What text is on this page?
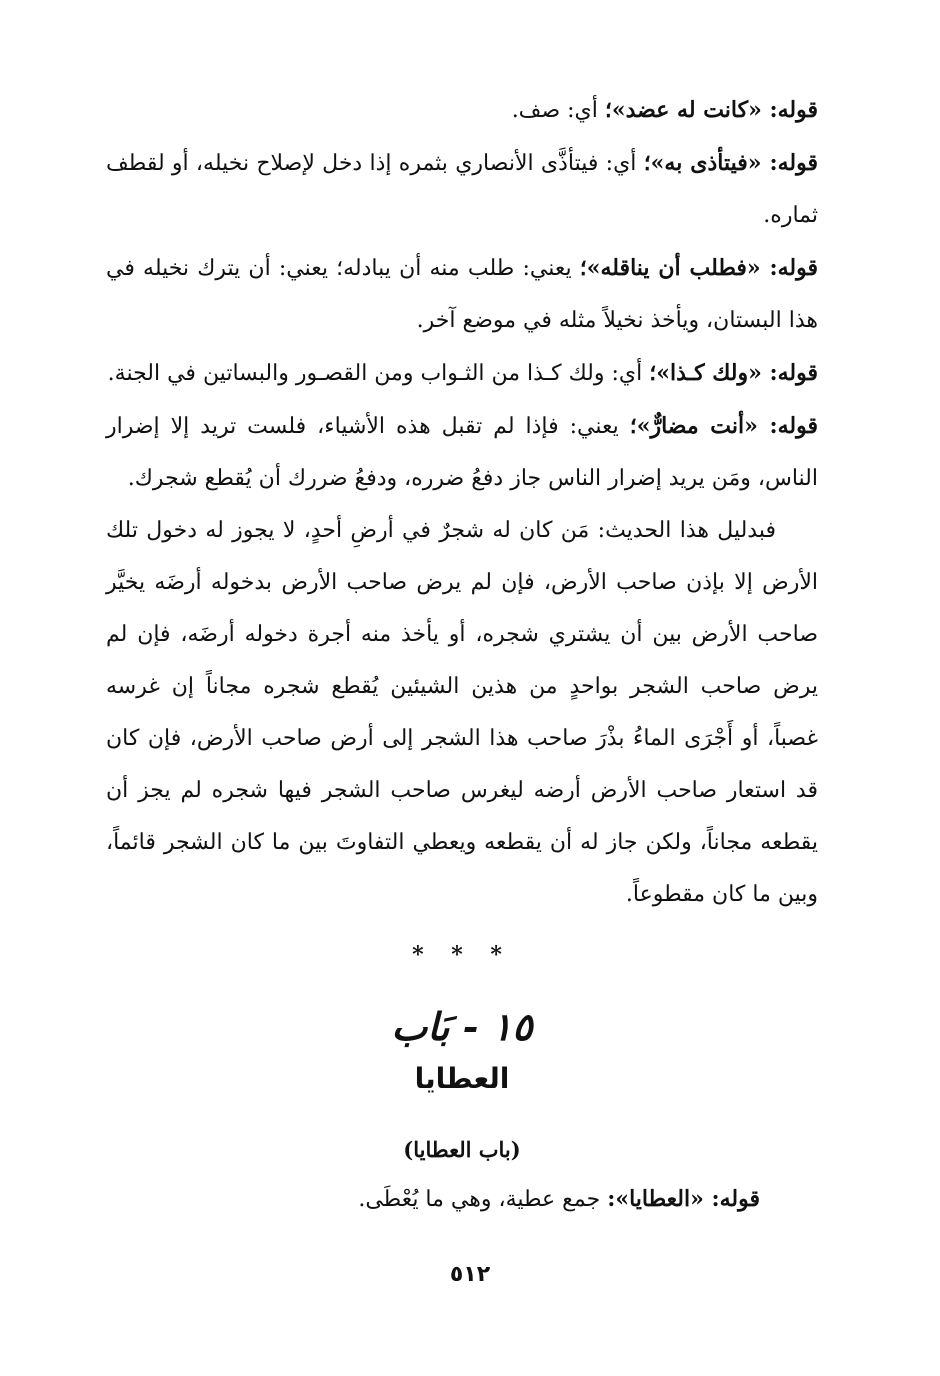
قوله: «كانت له عضد»؛ أي: صف.

قوله: «فيتأذى به»؛ أي: فيتأذَّى الأنصاري بثمره إذا دخل لإصلاح نخيله، أو لقطف ثماره.

قوله: «فطلب أن يناقله»؛ يعني: طلب منه أن يبادله؛ يعني: أن يترك نخيله في هذا البستان، ويأخذ نخيلاً مثله في موضع آخر.

قوله: «ولك كـذا»؛ أي: ولك كـذا من الثـواب ومن القصـور والبساتين في الجنة.

قوله: «أنت مضارٌّ»؛ يعني: فإذا لم تقبل هذه الأشياء، فلست تريد إلا إضرار الناس، ومَن يريد إضرار الناس جاز دفعُ ضرره، ودفعُ ضررك أن يُقطع شجرك.

فبدليل هذا الحديث: مَن كان له شجرٌ في أرضِ أحدٍ، لا يجوز له دخول تلك الأرض إلا بإذن صاحب الأرض، فإن لم يرض صاحب الأرض بدخوله أرضَه يخيَّر صاحب الأرض بين أن يشتري شجره، أو يأخذ منه أجرة دخوله أرضَه، فإن لم يرض صاحب الشجر بواحدٍ من هذين الشيئين يُقطع شجره مجاناً إن غرسه غصباً، أو أَجْرَى الماءُ بذْرَ صاحب هذا الشجر إلى أرض صاحب الأرض، فإن كان قد استعار صاحب الأرض أرضه ليغرس صاحب الشجر فيها شجره لم يجز أن يقطعه مجاناً، ولكن جاز له أن يقطعه ويعطي التفاوتَ بين ما كان الشجر قائماً، وبين ما كان مقطوعاً.

* * *
١٥ - بَاب
العطايا
(باب العطايا)

قوله: «العطايا»: جمع عطية، وهي ما يُعْطَى.

٥١٢
